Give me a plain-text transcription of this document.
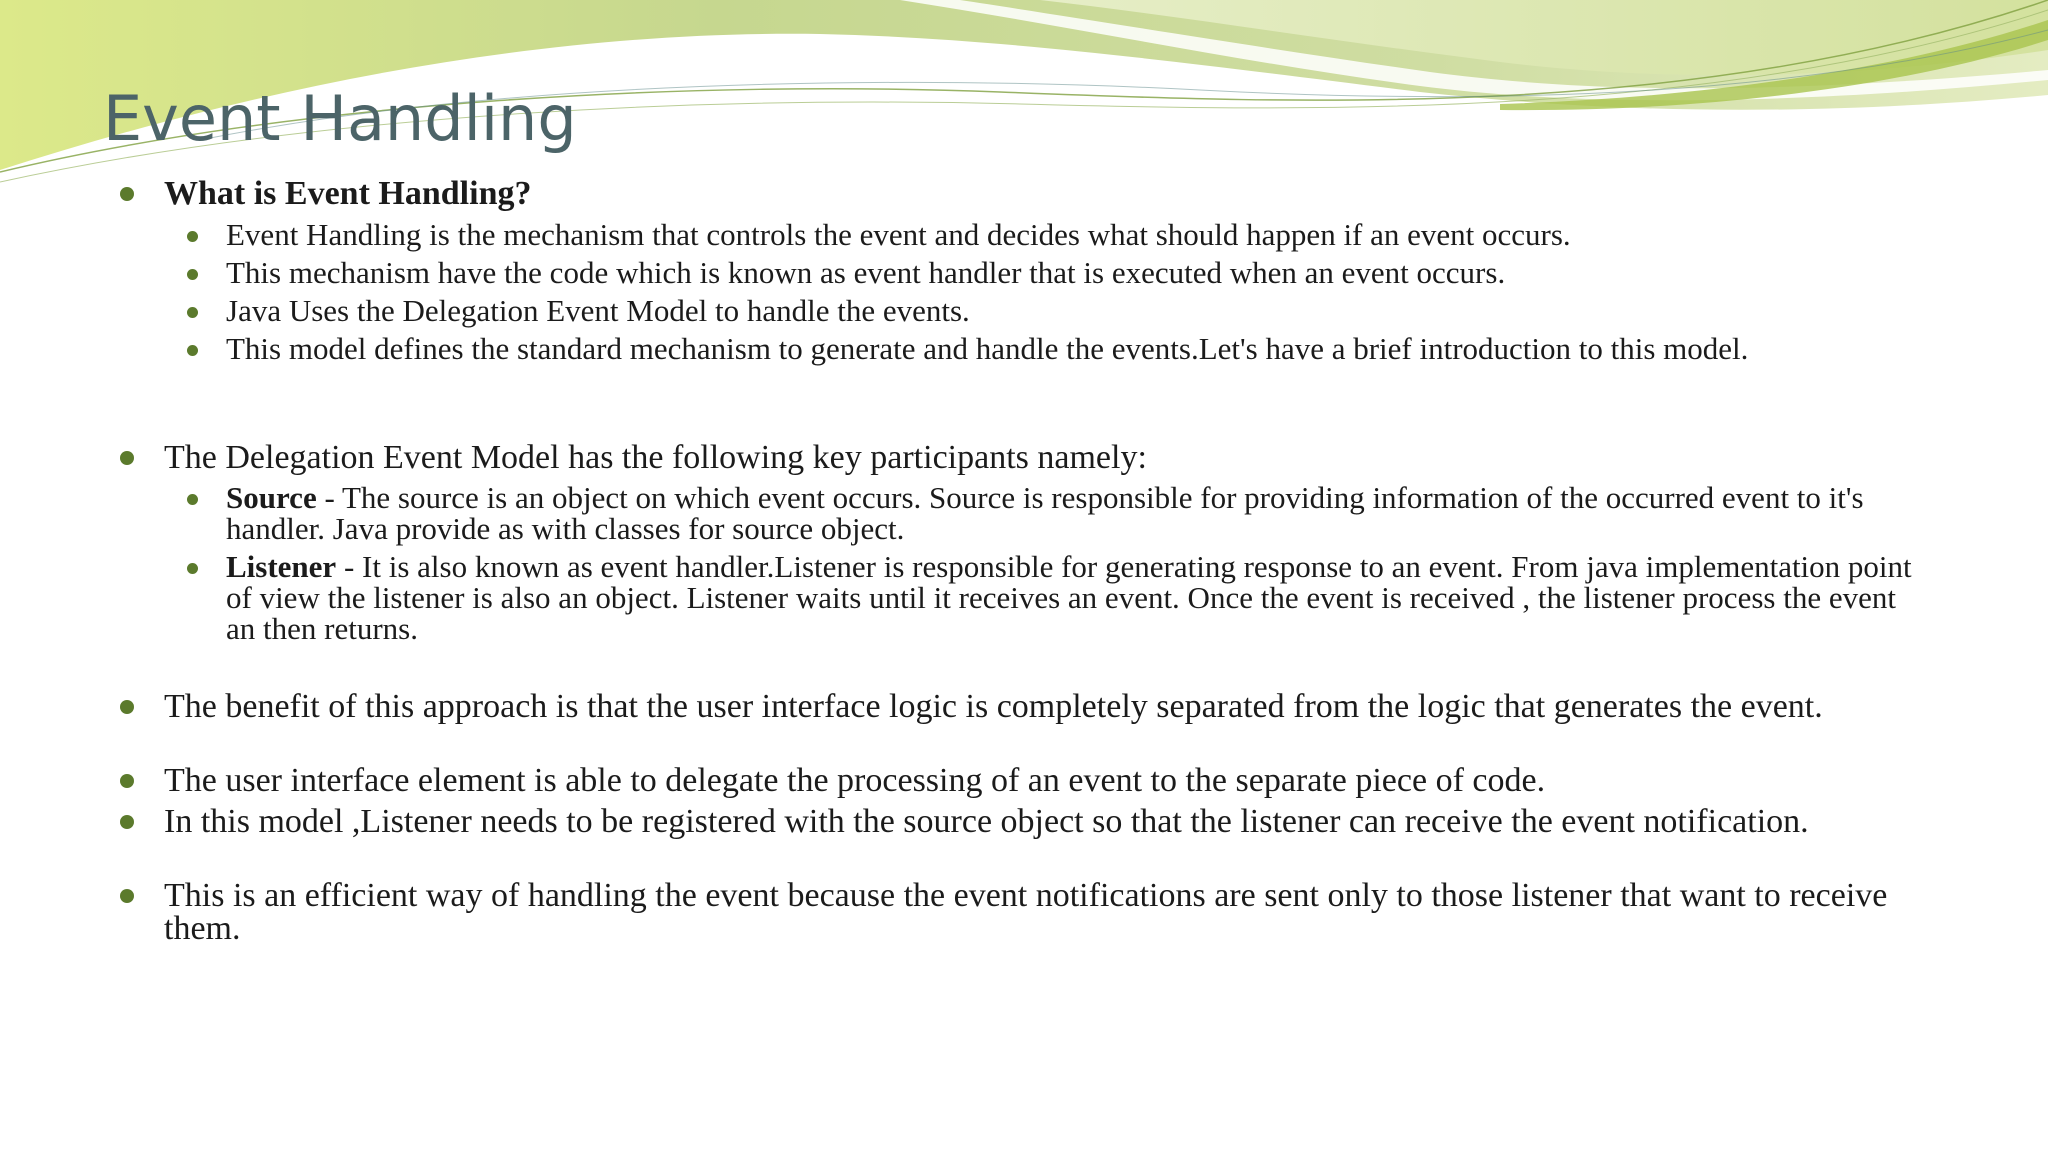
Event Handling

What is Event Handling?

Event Handling is the mechanism that controls the event and decides what should happen if an event occurs.

This mechanism have the code which is known as event handler that is executed when an event occurs.

Java Uses the Delegation Event Model to handle the events.

This model defines the standard mechanism to generate and handle the events.Let's have a brief introduction to this model.

The Delegation Event Model has the following key participants namely:

Source - The source is an object on which event occurs. Source is responsible for providing information of the occurred event to it's handler. Java provide as with classes for source object.

Listener - It is also known as event handler.Listener is responsible for generating response to an event. From java implementation point of view the listener is also an object. Listener waits until it receives an event. Once the event is received , the listener process the event an then returns.

The benefit of this approach is that the user interface logic is completely separated from the logic that generates the event.

The user interface element is able to delegate the processing of an event to the separate piece of code.

In this model ,Listener needs to be registered with the source object so that the listener can receive the event notification.

This is an efficient way of handling the event because the event notifications are sent only to those listener that want to receive them.
